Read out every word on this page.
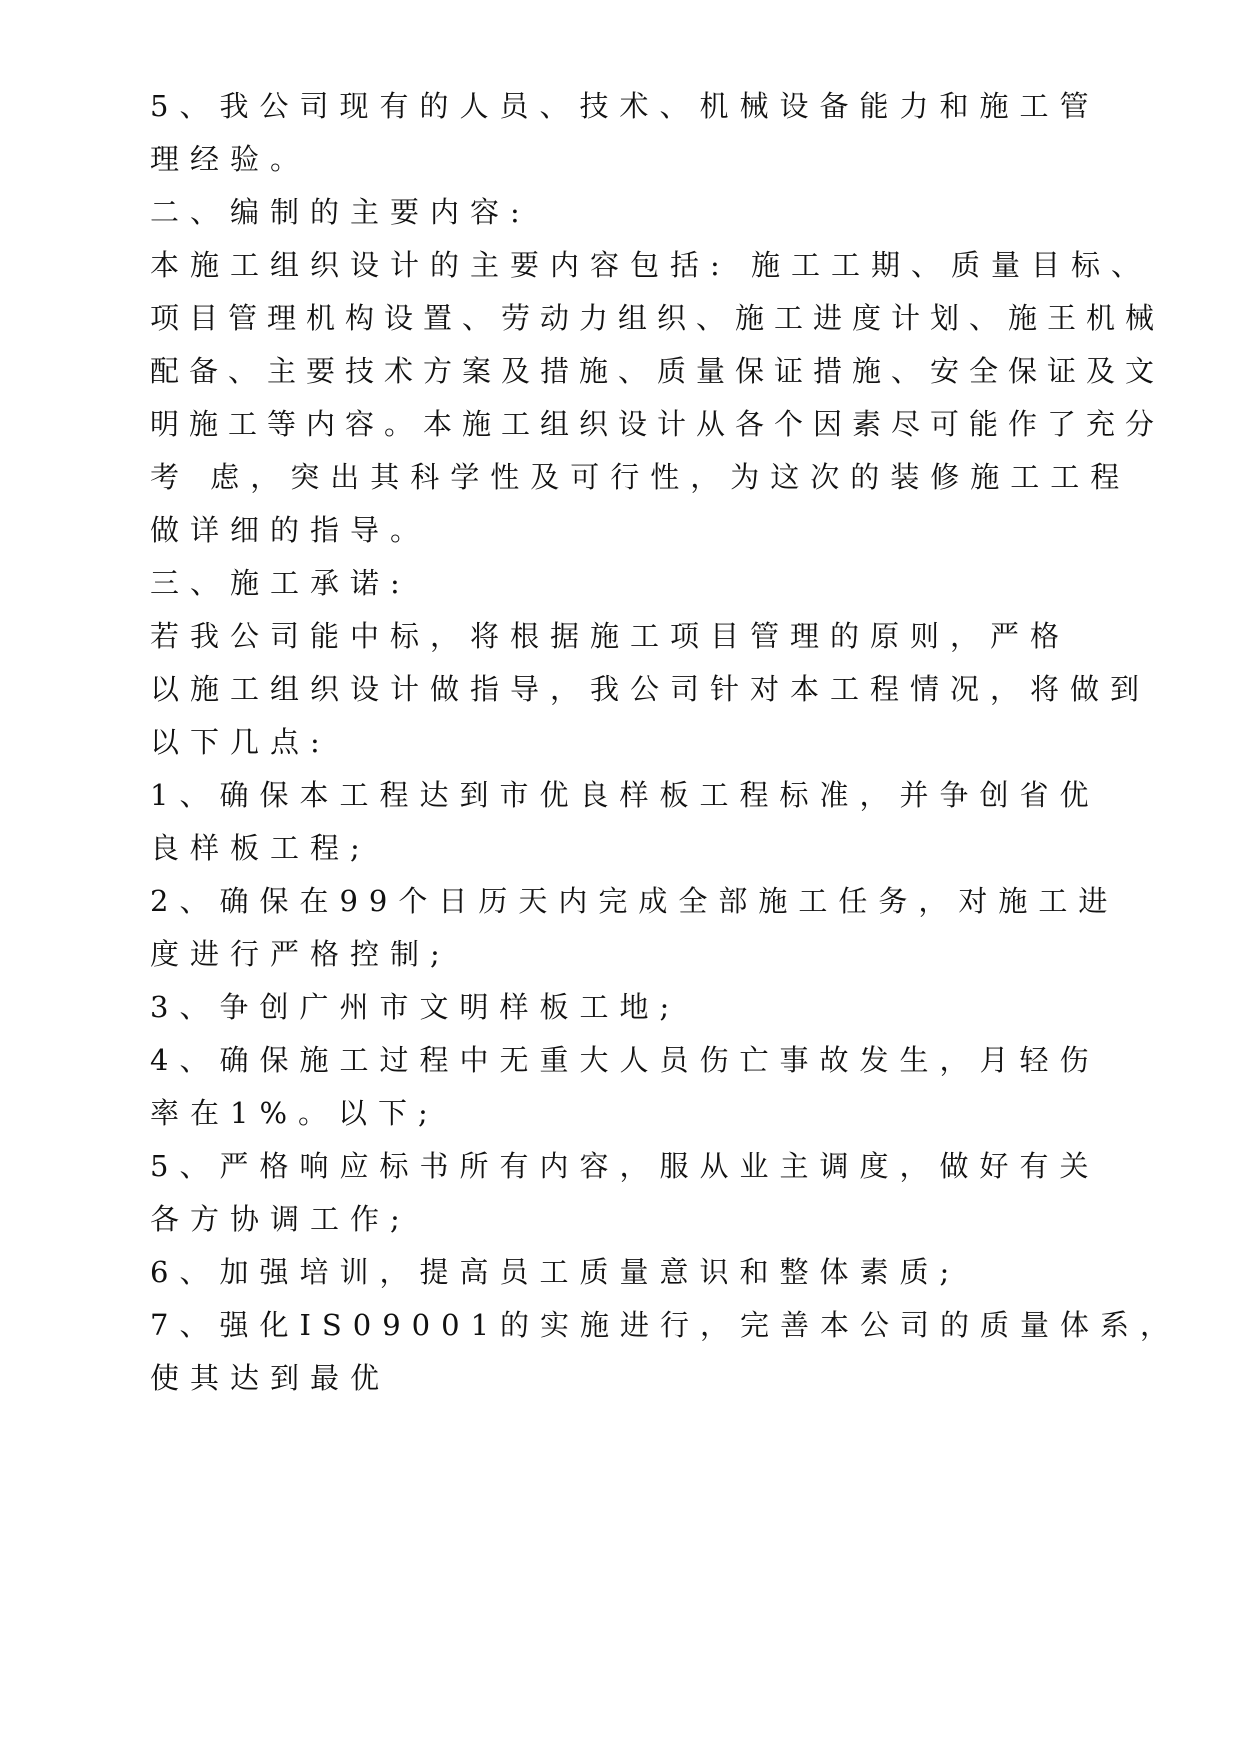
5、我公司现有的人员、技术、机械设备能力和施工管
理经验。
二、编制的主要内容:
本施工组织设计的主要内容包括: 施工工期、质量目标、
项目管理机构设置、劳动力组织、施工进度计划、施王机械
配备、主要技术方案及措施、质量保证措施、安全保证及文
明施工等内容。本施工组织设计从各个因素尽可能作了充分
考 虑，突出其科学性及可行性，为这次的装修施工工程
做详细的指导。
三、施工承诺:
若我公司能中标，将根据施工项目管理的原则，严格
以施工组织设计做指导，我公司针对本工程情况，将做到
以下几点:
1、确保本工程达到市优良样板工程标准，并争创省优
良样板工程;
2、确保在99个日历天内完成全部施工任务，对施工进
度进行严格控制;
3、争创广州市文明样板工地;
4、确保施工过程中无重大人员伤亡事故发生，月轻伤
率在1%。以下;
5、严格响应标书所有内容，服从业主调度，做好有关
各方协调工作;
6、加强培训，提高员工质量意识和整体素质;
7、强化IS09001的实施进行，完善本公司的质量体系，
使其达到最优
